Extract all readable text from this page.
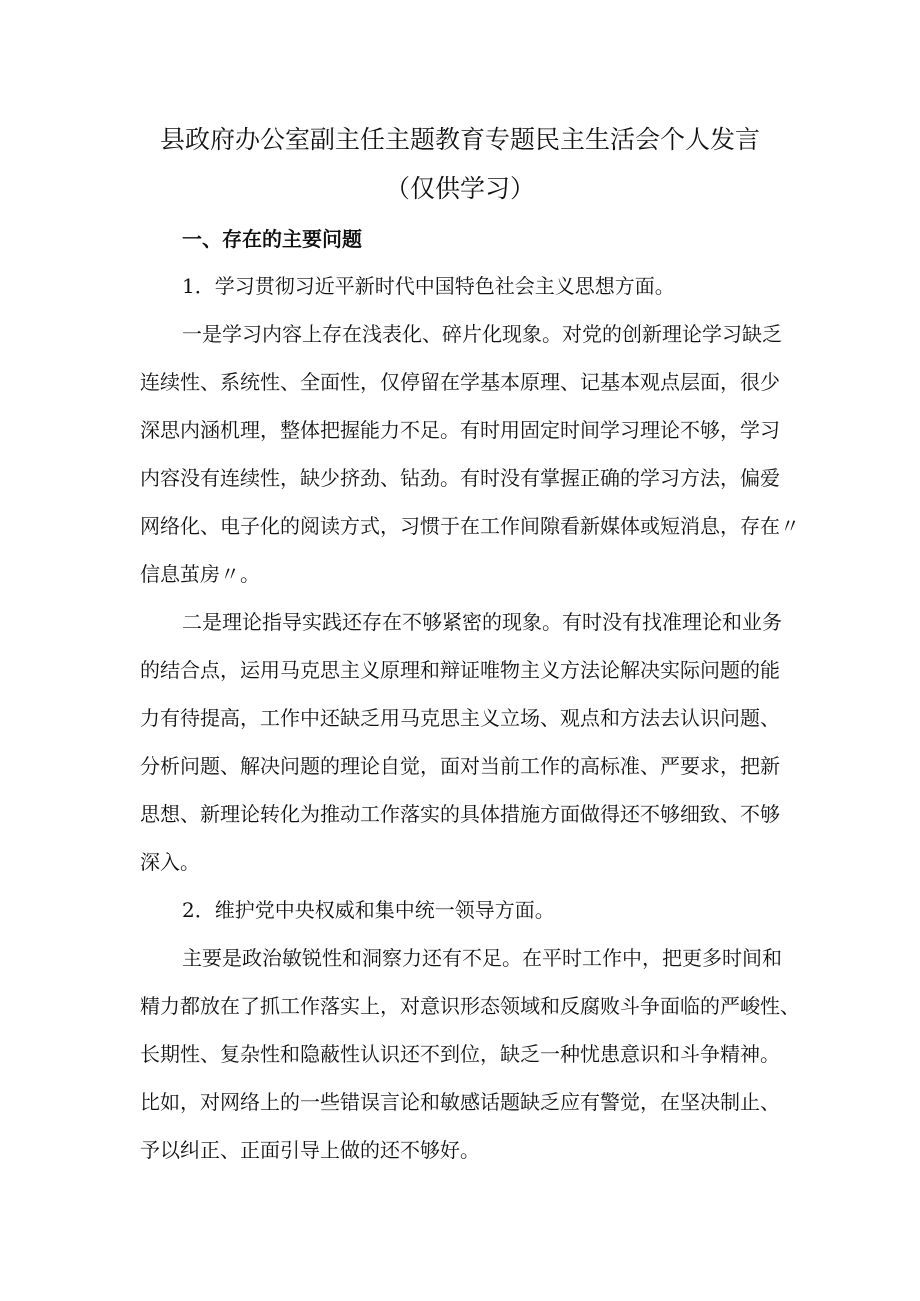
县政府办公室副主任主题教育专题民主生活会个人发言
（仅供学习）
一、存在的主要问题
1．学习贯彻习近平新时代中国特色社会主义思想方面。
一是学习内容上存在浅表化、碎片化现象。对党的创新理论学习缺乏
连续性、系统性、全面性，仅停留在学基本原理、记基本观点层面，很少
深思内涵机理，整体把握能力不足。有时用固定时间学习理论不够，学习
内容没有连续性，缺少挤劲、钻劲。有时没有掌握正确的学习方法，偏爱
网络化、电子化的阅读方式，习惯于在工作间隙看新媒体或短消息，存在〃
信息茧房〃。
二是理论指导实践还存在不够紧密的现象。有时没有找准理论和业务
的结合点，运用马克思主义原理和辩证唯物主义方法论解决实际问题的能
力有待提高，工作中还缺乏用马克思主义立场、观点和方法去认识问题、
分析问题、解决问题的理论自觉，面对当前工作的高标准、严要求，把新
思想、新理论转化为推动工作落实的具体措施方面做得还不够细致、不够
深入。
2．维护党中央权威和集中统一领导方面。
主要是政治敏锐性和洞察力还有不足。在平时工作中，把更多时间和
精力都放在了抓工作落实上，对意识形态领域和反腐败斗争面临的严峻性、
长期性、复杂性和隐蔽性认识还不到位，缺乏一种忧患意识和斗争精神。
比如，对网络上的一些错误言论和敏感话题缺乏应有警觉，在坚决制止、
予以纠正、正面引导上做的还不够好。
